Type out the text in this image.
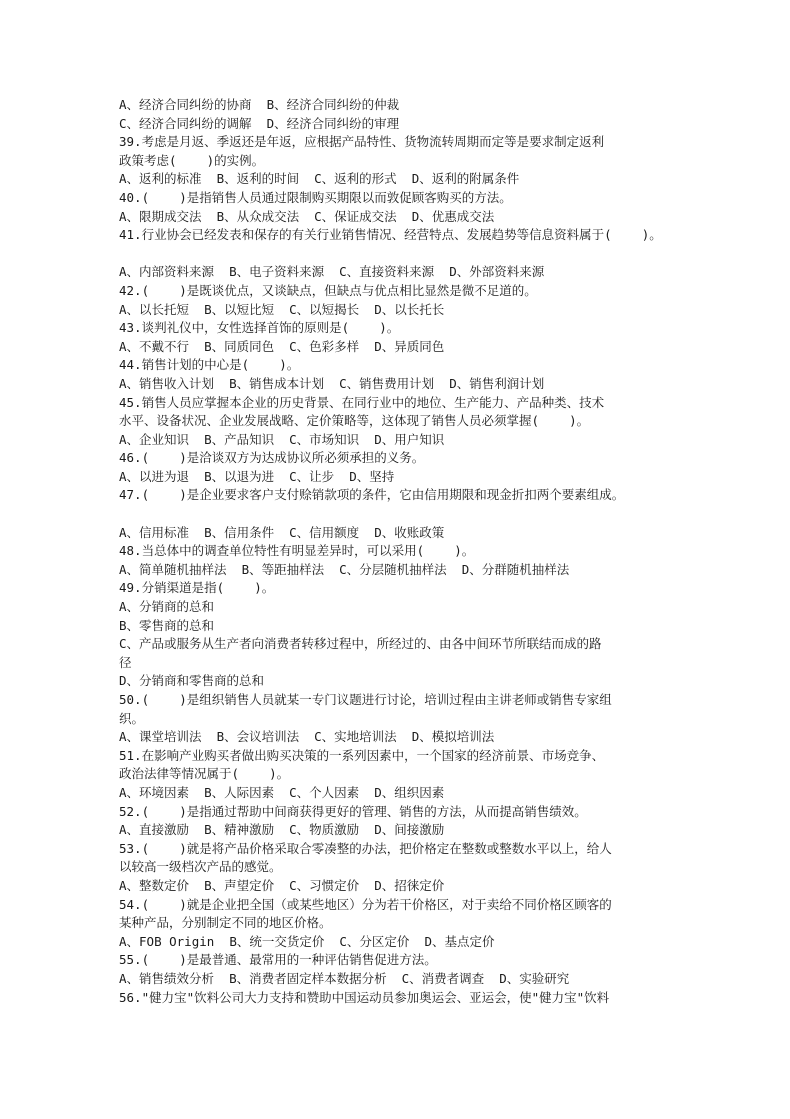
A、经济合同纠纷的协商  B、经济合同纠纷的仲裁
C、经济合同纠纷的调解  D、经济合同纠纷的审理
39.考虑是月返、季返还是年返，应根据产品特性、货物流转周期而定等是要求制定返利
政策考虑(    )的实例。
A、返利的标准  B、返利的时间  C、返利的形式  D、返利的附属条件
40.(    )是指销售人员通过限制购买期限以而敦促顾客购买的方法。
A、限期成交法  B、从众成交法  C、保证成交法  D、优惠成交法
41.行业协会已经发表和保存的有关行业销售情况、经营特点、发展趋势等信息资料属于(    )。
A、内部资料来源  B、电子资料来源  C、直接资料来源  D、外部资料来源
42.(    )是既谈优点，又谈缺点，但缺点与优点相比显然是微不足道的。
A、以长托短  B、以短比短  C、以短揭长  D、以长托长
43.谈判礼仪中，女性选择首饰的原则是(    )。
A、不戴不行  B、同质同色  C、色彩多样  D、异质同色
44.销售计划的中心是(    )。
A、销售收入计划  B、销售成本计划  C、销售费用计划  D、销售利润计划
45.销售人员应掌握本企业的历史背景、在同行业中的地位、生产能力、产品种类、技术
水平、设备状况、企业发展战略、定价策略等，这体现了销售人员必须掌握(    )。
A、企业知识  B、产品知识  C、市场知识  D、用户知识
46.(    )是洽谈双方为达成协议所必须承担的义务。
A、以进为退  B、以退为进  C、让步  D、坚持
47.(    )是企业要求客户支付赊销款项的条件，它由信用期限和现金折扣两个要素组成。
A、信用标准  B、信用条件  C、信用额度  D、收账政策
48.当总体中的调查单位特性有明显差异时，可以采用(    )。
A、简单随机抽样法  B、等距抽样法  C、分层随机抽样法  D、分群随机抽样法
49.分销渠道是指(    )。
A、分销商的总和
B、零售商的总和
C、产品或服务从生产者向消费者转移过程中，所经过的、由各中间环节所联结而成的路
径
D、分销商和零售商的总和
50.(    )是组织销售人员就某一专门议题进行讨论，培训过程由主讲老师或销售专家组
织。
A、课堂培训法  B、会议培训法  C、实地培训法  D、模拟培训法
51.在影响产业购买者做出购买决策的一系列因素中，一个国家的经济前景、市场竞争、
政治法律等情况属于(    )。
A、环境因素  B、人际因素  C、个人因素  D、组织因素
52.(    )是指通过帮助中间商获得更好的管理、销售的方法，从而提高销售绩效。
A、直接激励  B、精神激励  C、物质激励  D、间接激励
53.(    )就是将产品价格采取合零凑整的办法，把价格定在整数或整数水平以上，给人
以较高一级档次产品的感觉。
A、整数定价  B、声望定价  C、习惯定价  D、招徕定价
54.(    )就是企业把全国（或某些地区）分为若干价格区，对于卖给不同价格区顾客的
某种产品，分别制定不同的地区价格。
A、FOB Origin  B、统一交货定价  C、分区定价  D、基点定价
55.(    )是最普通、最常用的一种评估销售促进方法。
A、销售绩效分析  B、消费者固定样本数据分析  C、消费者调查  D、实验研究
56."健力宝"饮料公司大力支持和赞助中国运动员参加奥运会、亚运会，使"健力宝"饮料
